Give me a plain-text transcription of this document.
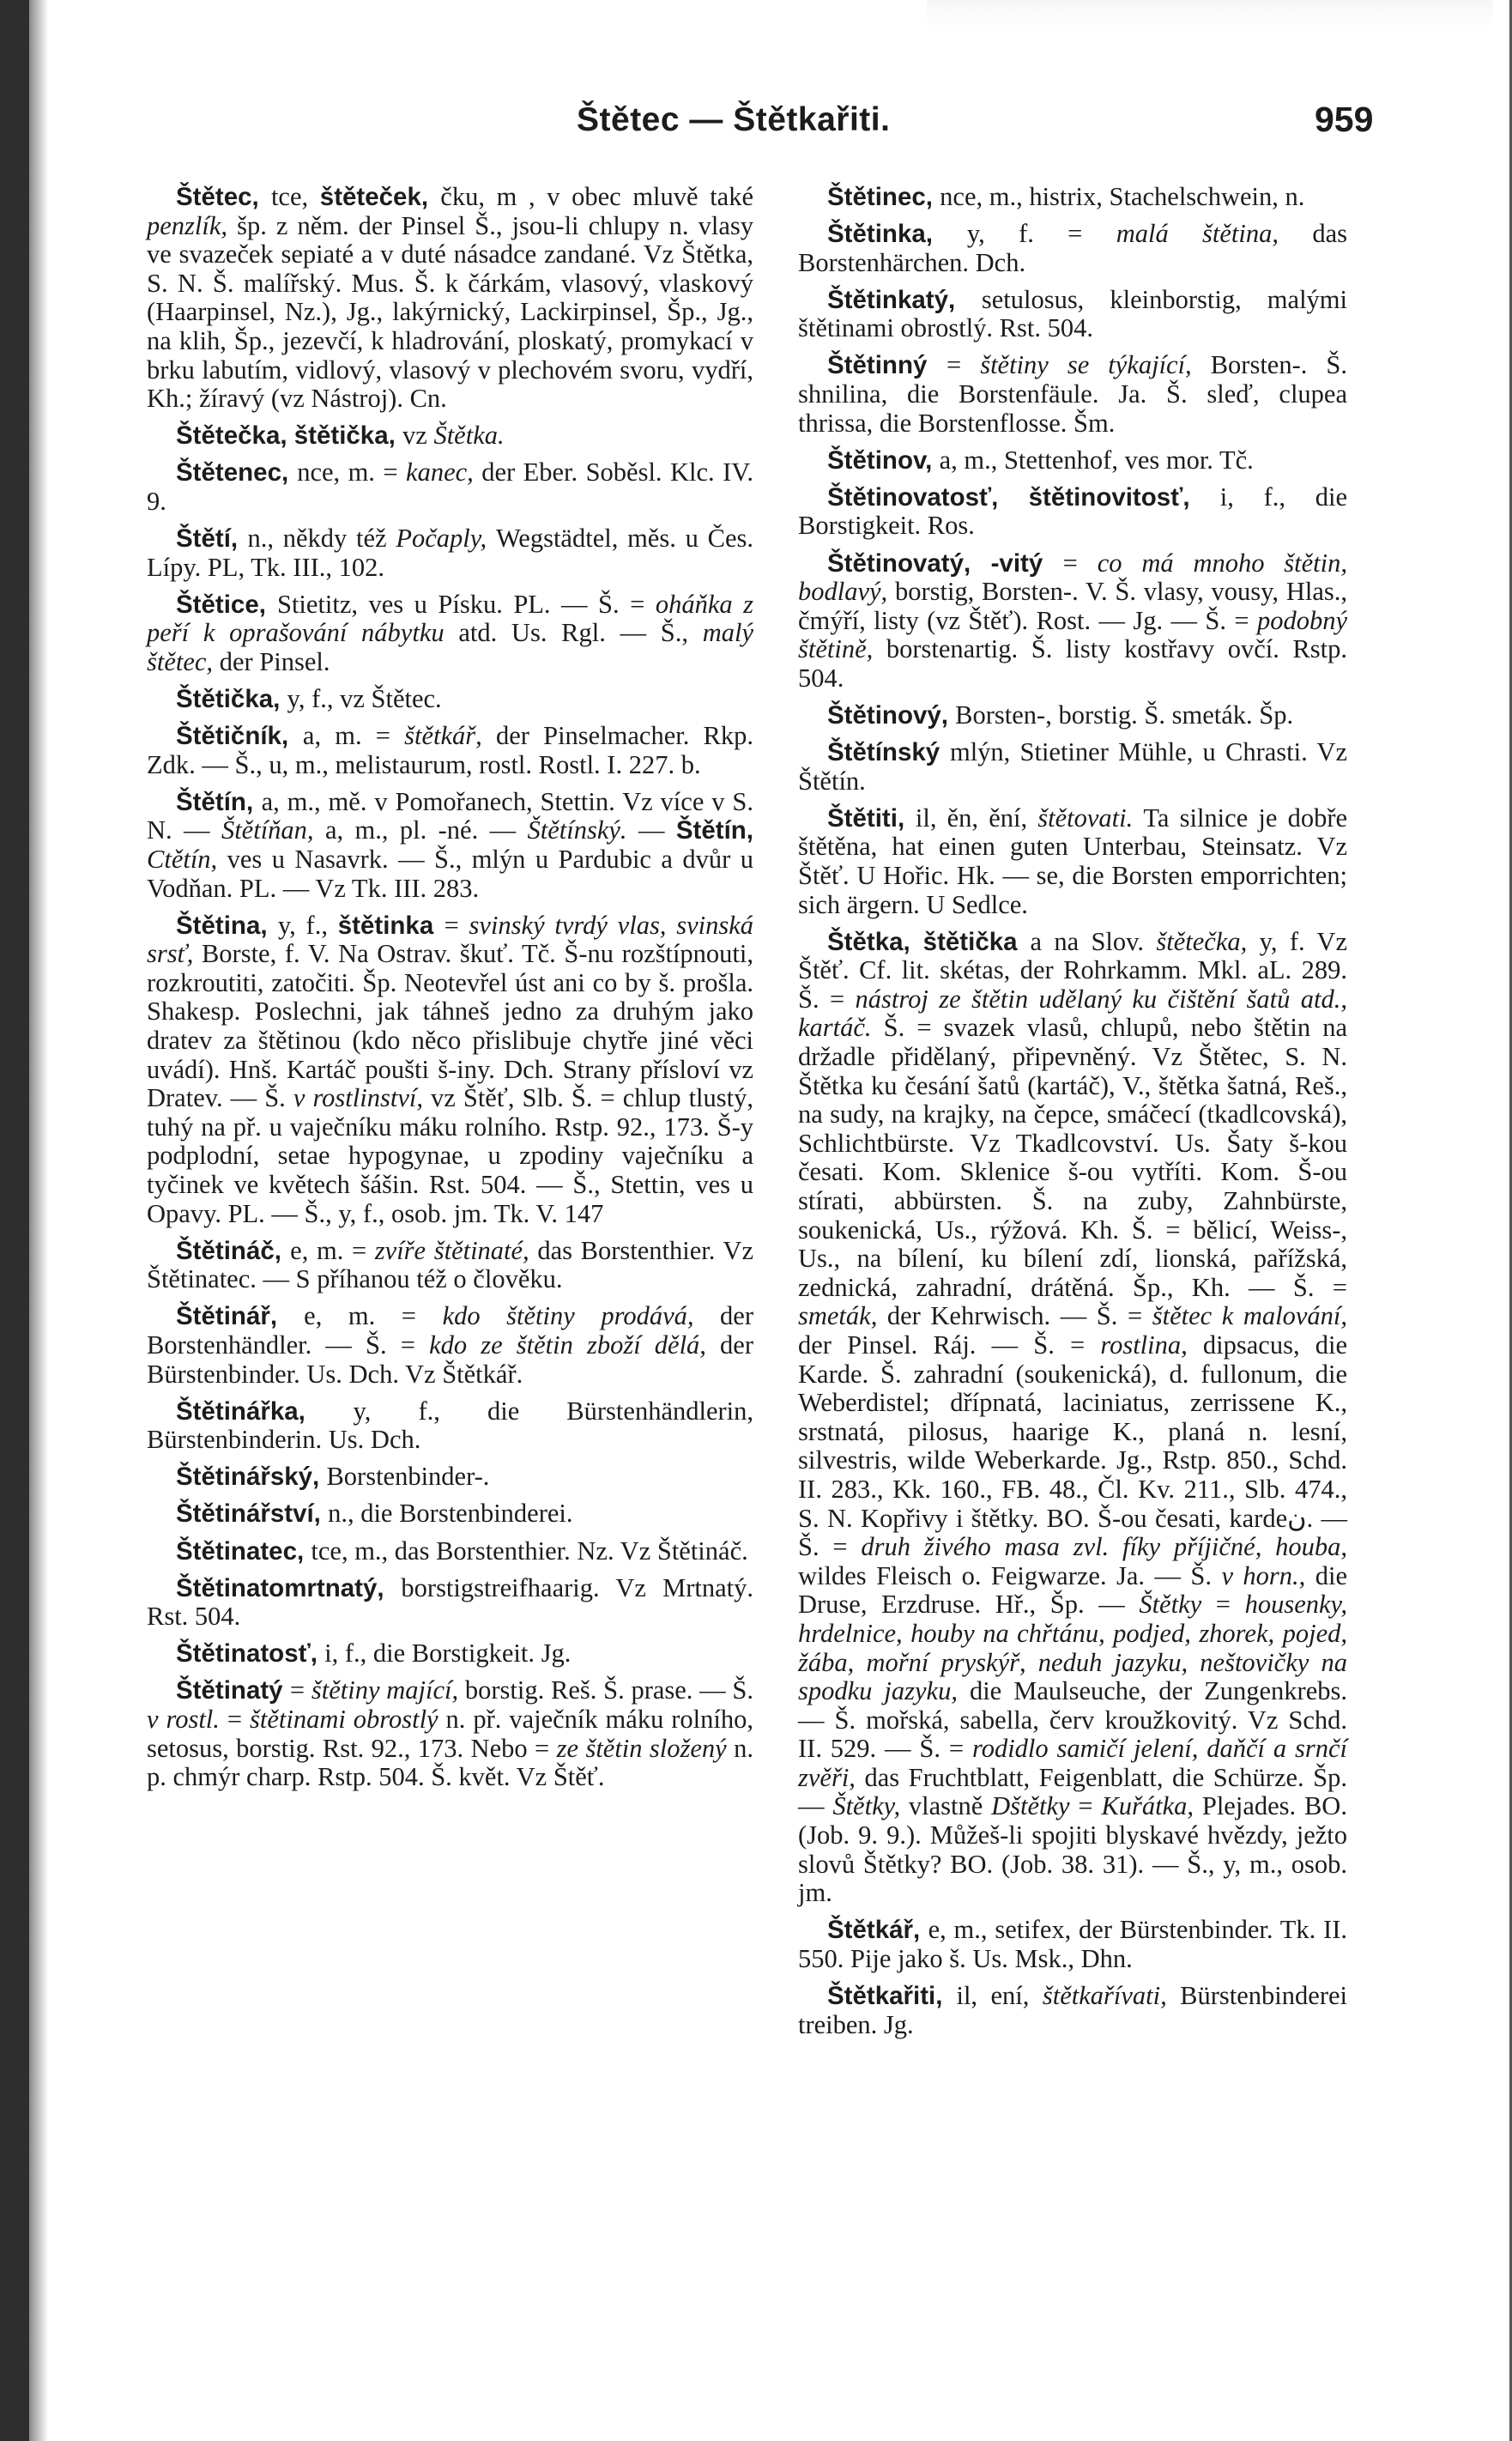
Štětec — Štětkařiti.	959

Štětec, tce, štěteček, čku, m , v obec mluvě také penzlík, šp. z něm. der Pinsel Š., jsou-li chlupy n. vlasy ve svazeček sepiaté a v duté násadce zandané. Vz Štětka, S. N. Š. malířský. Mus. Š. k čárkám, vlasový, vlaskový (Haarpinsel, Nz.), Jg., lakýrnický, Lackirpinsel, Šp., Jg., na klih, Šp., jezevčí, k hladrování, ploskatý, promykací v brku labutím, vidlový, vlasový v plechovém svoru, vydří, Kh.; žíravý (vz Nástroj). Cn.

Štětečka, štětička, vz Štětka.

Štětenec, nce, m. = kanec, der Eber. Soběsl. Klc. IV. 9.

Štětí, n., někdy též Počaply, Wegstädtel, měs. u Čes. Lípy. PL, Tk. III., 102.

Štětice, Stietitz, ves u Písku. PL. — Š. = oháňka z peří k oprašování nábytku atd. Us. Rgl. — Š., malý štětec, der Pinsel.

Štětička, y, f., vz Štětec.

Štětičník, a, m. = štětkář, der Pinselmacher. Rkp. Zdk. — Š., u, m., melistaurum, rostl. Rostl. I. 227. b.

Štětín, a, m., mě. v Pomořanech, Stettin. Vz více v S. N. — Štětíňan, a, m., pl. -né. — Štětínský. — Štětín, Ctětín, ves u Nasavrk. — Š., mlýn u Pardubic a dvůr u Vodňan. PL. — Vz Tk. III. 283.

Štětina, y, f., štětinka = svinský tvrdý vlas, svinská srsť, Borste, f. V. Na Ostrav. škuť. Tč. Š-nu rozštípnouti, rozkroutiti, zatočiti. Šp. Neotevřel úst ani co by š. prošla. Shakesp. Poslechni, jak táhneš jedno za druhým jako dratev za štětinou (kdo něco přislibuje chytře jiné věci uvádí). Hnš. Kartáč poušti š-iny. Dch. Strany přísloví vz Dratev. — Š. v rostlinství, vz Štěť, Slb. Š. = chlup tlustý, tuhý na př. u vaječníku máku rolního. Rstp. 92., 173. Š-y podplodní, setae hypogynae, u zpodiny vaječníku a tyčinek ve květech šášin. Rst. 504. — Š., Stettin, ves u Opavy. PL. — Š., y, f., osob. jm. Tk. V. 147

Štětináč, e, m. = zvíře štětinaté, das Borstenthier. Vz Štětinatec. — S příhanou též o člověku.

Štětinář, e, m. = kdo štětiny prodává, der Borstenhändler. — Š. = kdo ze štětin zboží dělá, der Bürstenbinder. Us. Dch. Vz Štětkář.

Štětinářka, y, f., die Bürstenhändlerin, Bürstenbinderin. Us. Dch.

Štětinářský, Borstenbinder-.

Štětinářství, n., die Borstenbinderei.

Štětinatec, tce, m., das Borstenthier. Nz. Vz Štětináč.

Štětinatomrtnatý, borstigstreifhaarig. Vz Mrtnatý. Rst. 504.

Štětinatosť, i, f., die Borstigkeit. Jg.

Štětinatý = štětiny mající, borstig. Reš. Š. prase. — Š. v rostl. = štětinami obrostlý n. př. vaječník máku rolního, setosus, borstig. Rst. 92., 173. Nebo = ze štětin složený n. p. chmýr charp. Rstp. 504. Š. květ. Vz Štěť.

Štětinec, nce, m., histrix, Stachelschwein, n.

Štětinka, y, f. = malá štětina, das Borstenhärchen. Dch.

Štětinkatý, setulosus, kleinborstig, malými štětinami obrostlý. Rst. 504.

Štětinný = štětiny se týkající, Borsten-. Š. shnilina, die Borstenfäule. Ja. Š. sleď, clupea thrissa, die Borstenflosse. Šm.

Štětinov, a, m., Stettenhof, ves mor. Tč.

Štětinovatosť, štětinovitosť, i, f., die Borstigkeit. Ros.

Štětinovatý, -vitý = co má mnoho štětin, bodlavý, borstig, Borsten-. V. Š. vlasy, vousy, Hlas., čmýří, listy (vz Štěť). Rost. — Jg. — Š. = podobný štětině, borstenartig. Š. listy kostřavy ovčí. Rstp. 504.

Štětinový, Borsten-, borstig. Š. smeták. Šp.

Štětínský mlýn, Stietiner Mühle, u Chrasti. Vz Štětín.

Štětiti, il, ěn, ění, štětovati. Ta silnice je dobře štětěna, hat einen guten Unterbau, Steinsatz. Vz Štěť. U Hořic. Hk. — se, die Borsten emporrichten; sich ärgern. U Sedlce.

Štětka, štětička a na Slov. štětečka, y, f. Vz Štěť. Cf. lit. skétas, der Rohrkamm. Mkl. aL. 289. Š. = nástroj ze štětin udělaný ku čištění šatů atd., kartáč. Š. = svazek vlasů, chlupů, nebo štětin na držadle přidělaný, připevněný. Vz Štětec, S. N. Štětka ku česání šatů (kartáč), V., štětka šatná, Reš., na sudy, na krajky, na čepce, smáčecí (tkadlcovská), Schlichtbürste. Vz Tkadlcovství. Us. Šaty š-kou česati. Kom. Sklenice š-ou vytříti. Kom. Š-ou stírati, abbürsten. Š. na zuby, Zahnbürste, soukenická, Us., rýžová. Kh. Š. = bělicí, Weiss-, Us., na bílení, ku bílení zdí, lionská, pařížská, zednická, zahradní, drátěná. Šp., Kh. — Š. = smeták, der Kehrwisch. — Š. = štětec k malování, der Pinsel. Ráj. — Š. = rostlina, dipsacus, die Karde. Š. zahradní (soukenická), d. fullonum, die Weberdistel; dřípnatá, laciniatus, zerrissene K., srstnatá, pilosus, haarige K., planá n. lesní, silvestris, wilde Weberkarde. Jg., Rstp. 850., Schd. II. 283., Kk. 160., FB. 48., Čl. Kv. 211., Slb. 474., S. N. Kopřivy i štětky. BO. Š-ou česati, kardeن. — Š. = druh živého masa zvl. fíky příjičné, houba, wildes Fleisch o. Feigwarze. Ja. — Š. v horn., die Druse, Erzdruse. Hř., Šp. — Štětky = housenky, hrdelnice, houby na chřtánu, podjed, zhorek, pojed, žába, mořní pryskýř, neduh jazyku, neštovičky na spodku jazyku, die Maulseuche, der Zungenkrebs. — Š. mořská, sabella, červ kroužkovitý. Vz Schd. II. 529. — Š. = rodidlo samičí jelení, daňčí a srnčí zvěři, das Fruchtblatt, Feigenblatt, die Schürze. Šp. — Štětky, vlastně Dštětky = Kuřátka, Plejades. BO. (Job. 9. 9.). Můžeš-li spojiti blyskavé hvězdy, ježto slovů Štětky? BO. (Job. 38. 31). — Š., y, m., osob. jm.

Štětkář, e, m., setifex, der Bürstenbinder. Tk. II. 550. Pije jako š. Us. Msk., Dhn.

Štětkařiti, il, ení, štětkařívati, Bürstenbinderei treiben. Jg.
